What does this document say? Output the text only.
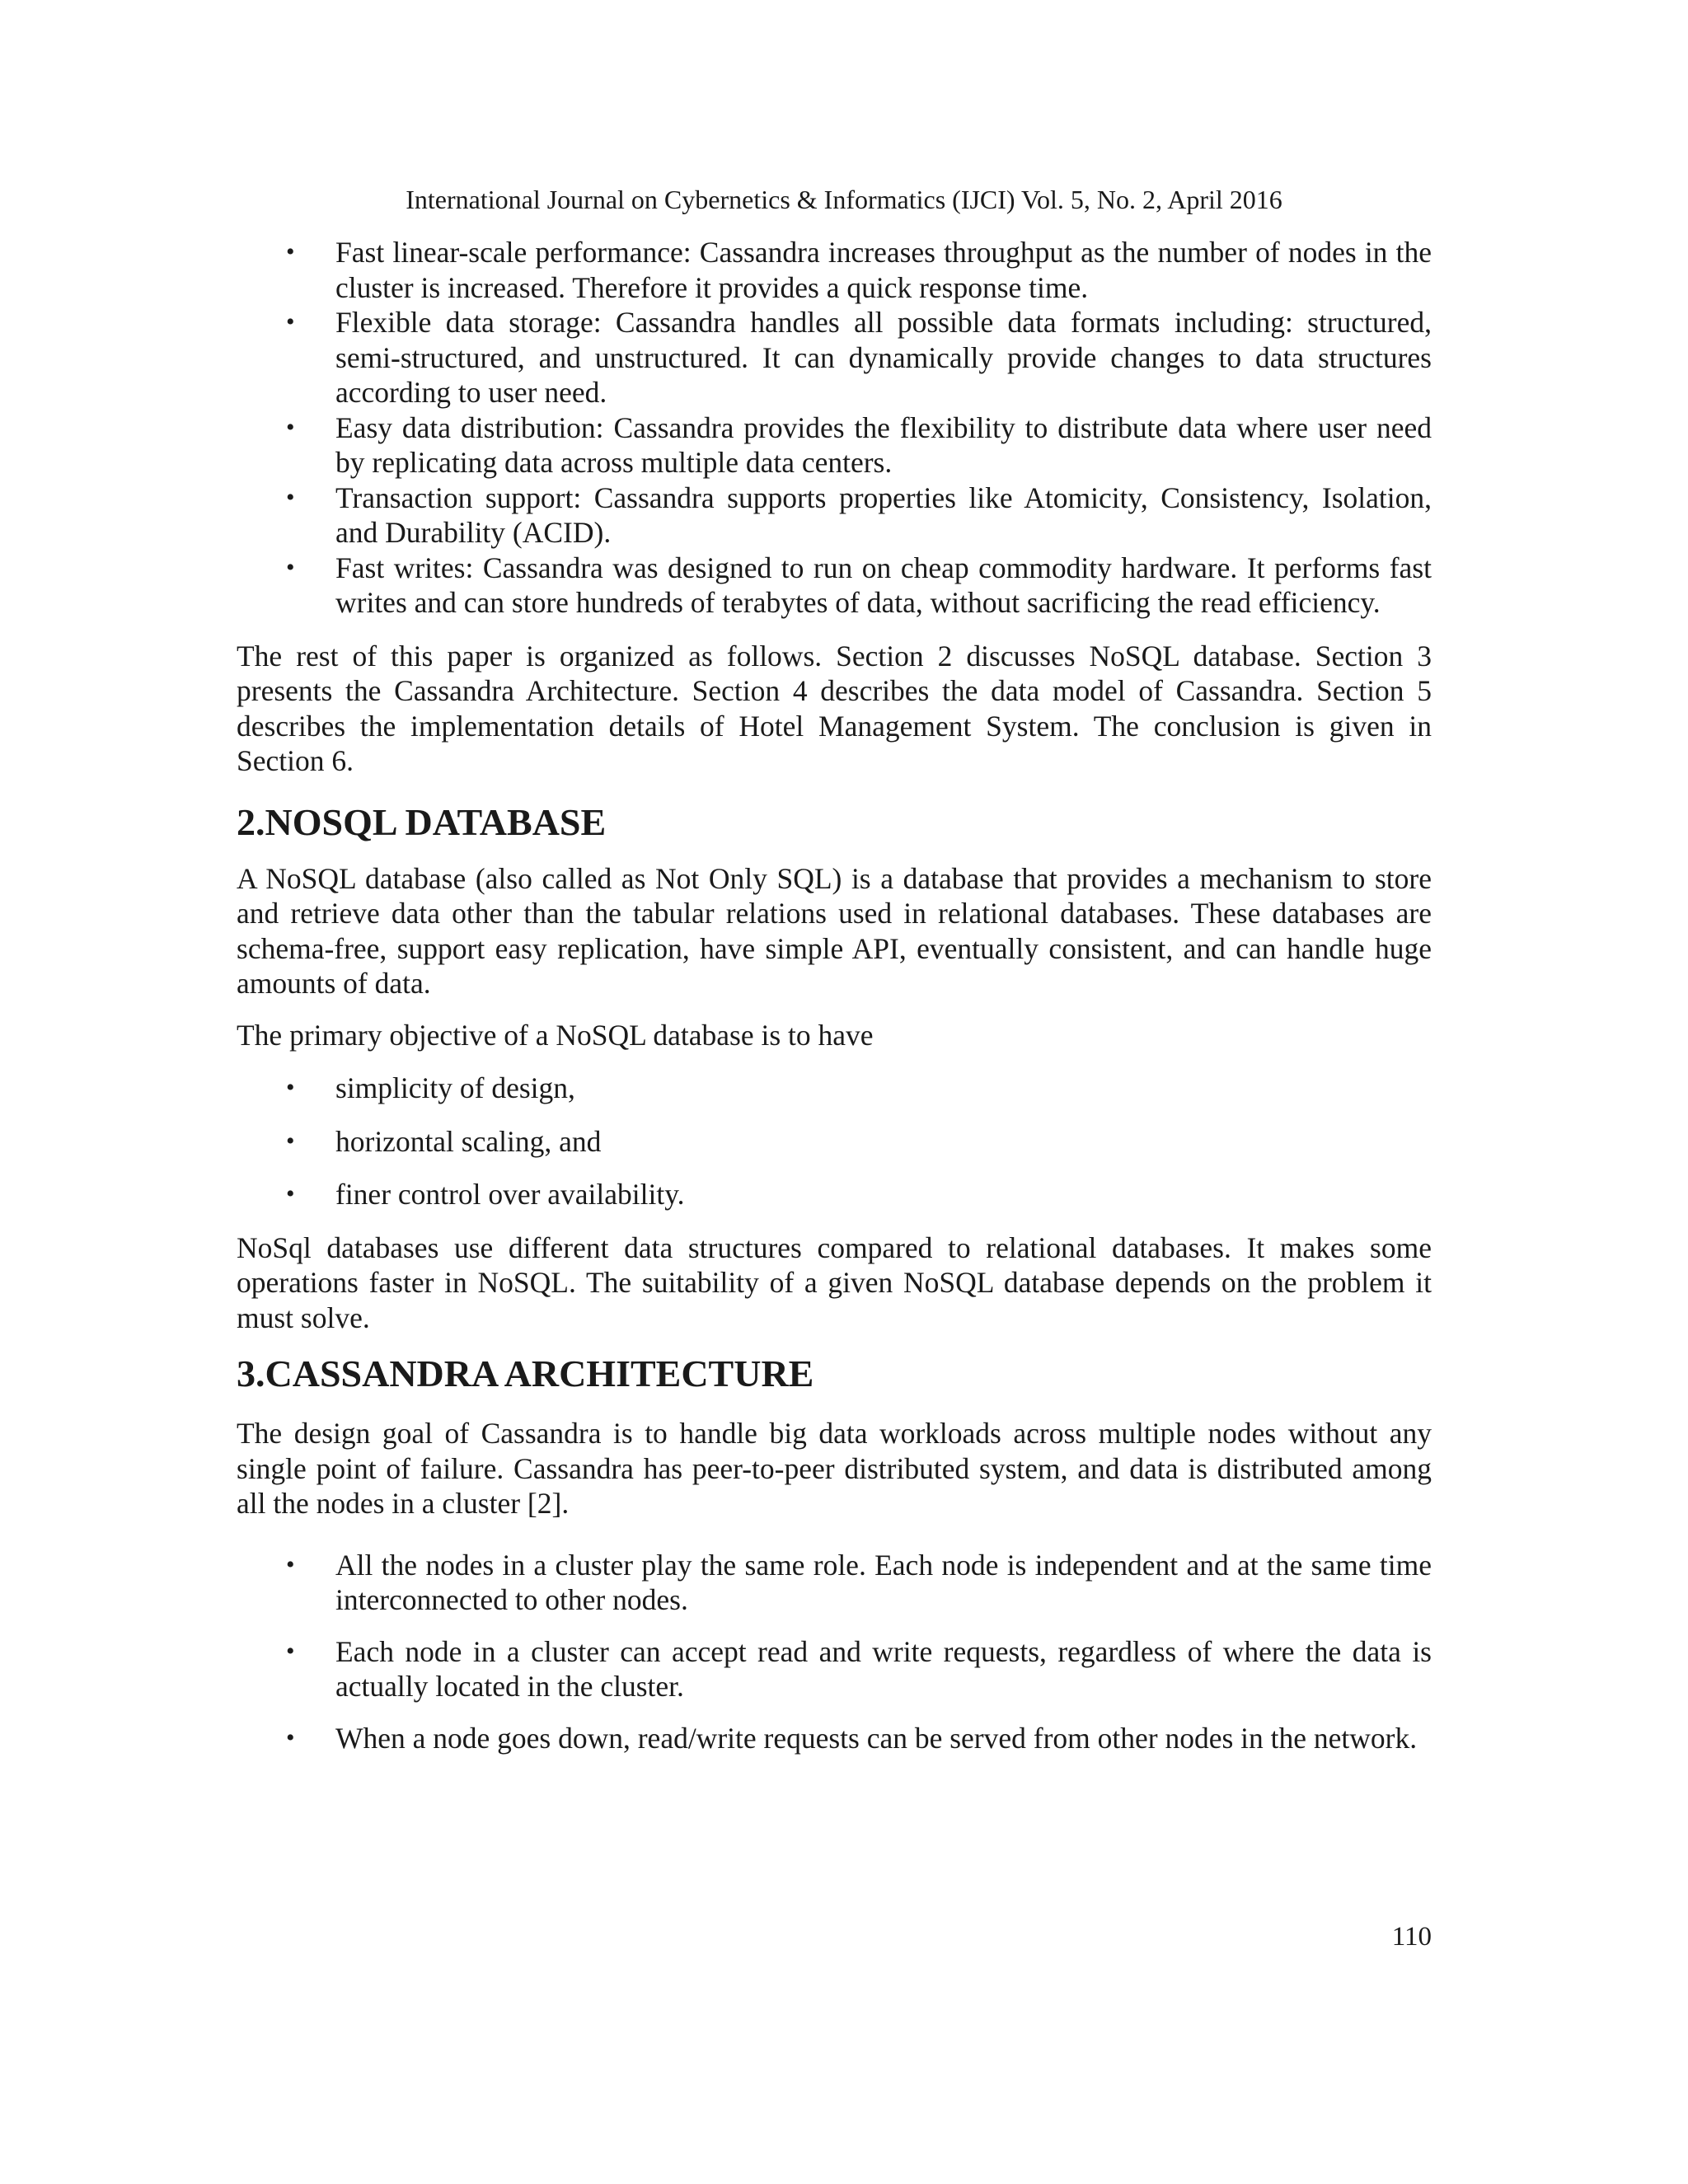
International Journal on Cybernetics & Informatics (IJCI) Vol. 5, No. 2, April 2016
• Fast linear-scale performance: Cassandra increases throughput as the number of nodes in the cluster is increased. Therefore it provides a quick response time.
• Flexible data storage: Cassandra handles all possible data formats including: structured, semi-structured, and unstructured. It can dynamically provide changes to data structures according to user need.
• Easy data distribution: Cassandra provides the flexibility to distribute data where user need by replicating data across multiple data centers.
• Transaction support: Cassandra supports properties like Atomicity, Consistency, Isolation, and Durability (ACID).
• Fast writes: Cassandra was designed to run on cheap commodity hardware. It performs fast writes and can store hundreds of terabytes of data, without sacrificing the read efficiency.

The rest of this paper is organized as follows. Section 2 discusses NoSQL database. Section 3 presents the Cassandra Architecture. Section 4 describes the data model of Cassandra. Section 5 describes the implementation details of Hotel Management System. The conclusion is given in Section 6.

2.NOSQL DATABASE

A NoSQL database (also called as Not Only SQL) is a database that provides a mechanism to store and retrieve data other than the tabular relations used in relational databases. These databases are schema-free, support easy replication, have simple API, eventually consistent, and can handle huge amounts of data.

The primary objective of a NoSQL database is to have

• simplicity of design,
• horizontal scaling, and
• finer control over availability.

NoSql databases use different data structures compared to relational databases. It makes some operations faster in NoSQL. The suitability of a given NoSQL database depends on the problem it must solve.

3.CASSANDRA ARCHITECTURE

The design goal of Cassandra is to handle big data workloads across multiple nodes without any single point of failure. Cassandra has peer-to-peer distributed system, and data is distributed among all the nodes in a cluster [2].

• All the nodes in a cluster play the same role. Each node is independent and at the same time interconnected to other nodes.
• Each node in a cluster can accept read and write requests, regardless of where the data is actually located in the cluster.
• When a node goes down, read/write requests can be served from other nodes in the network.
110
